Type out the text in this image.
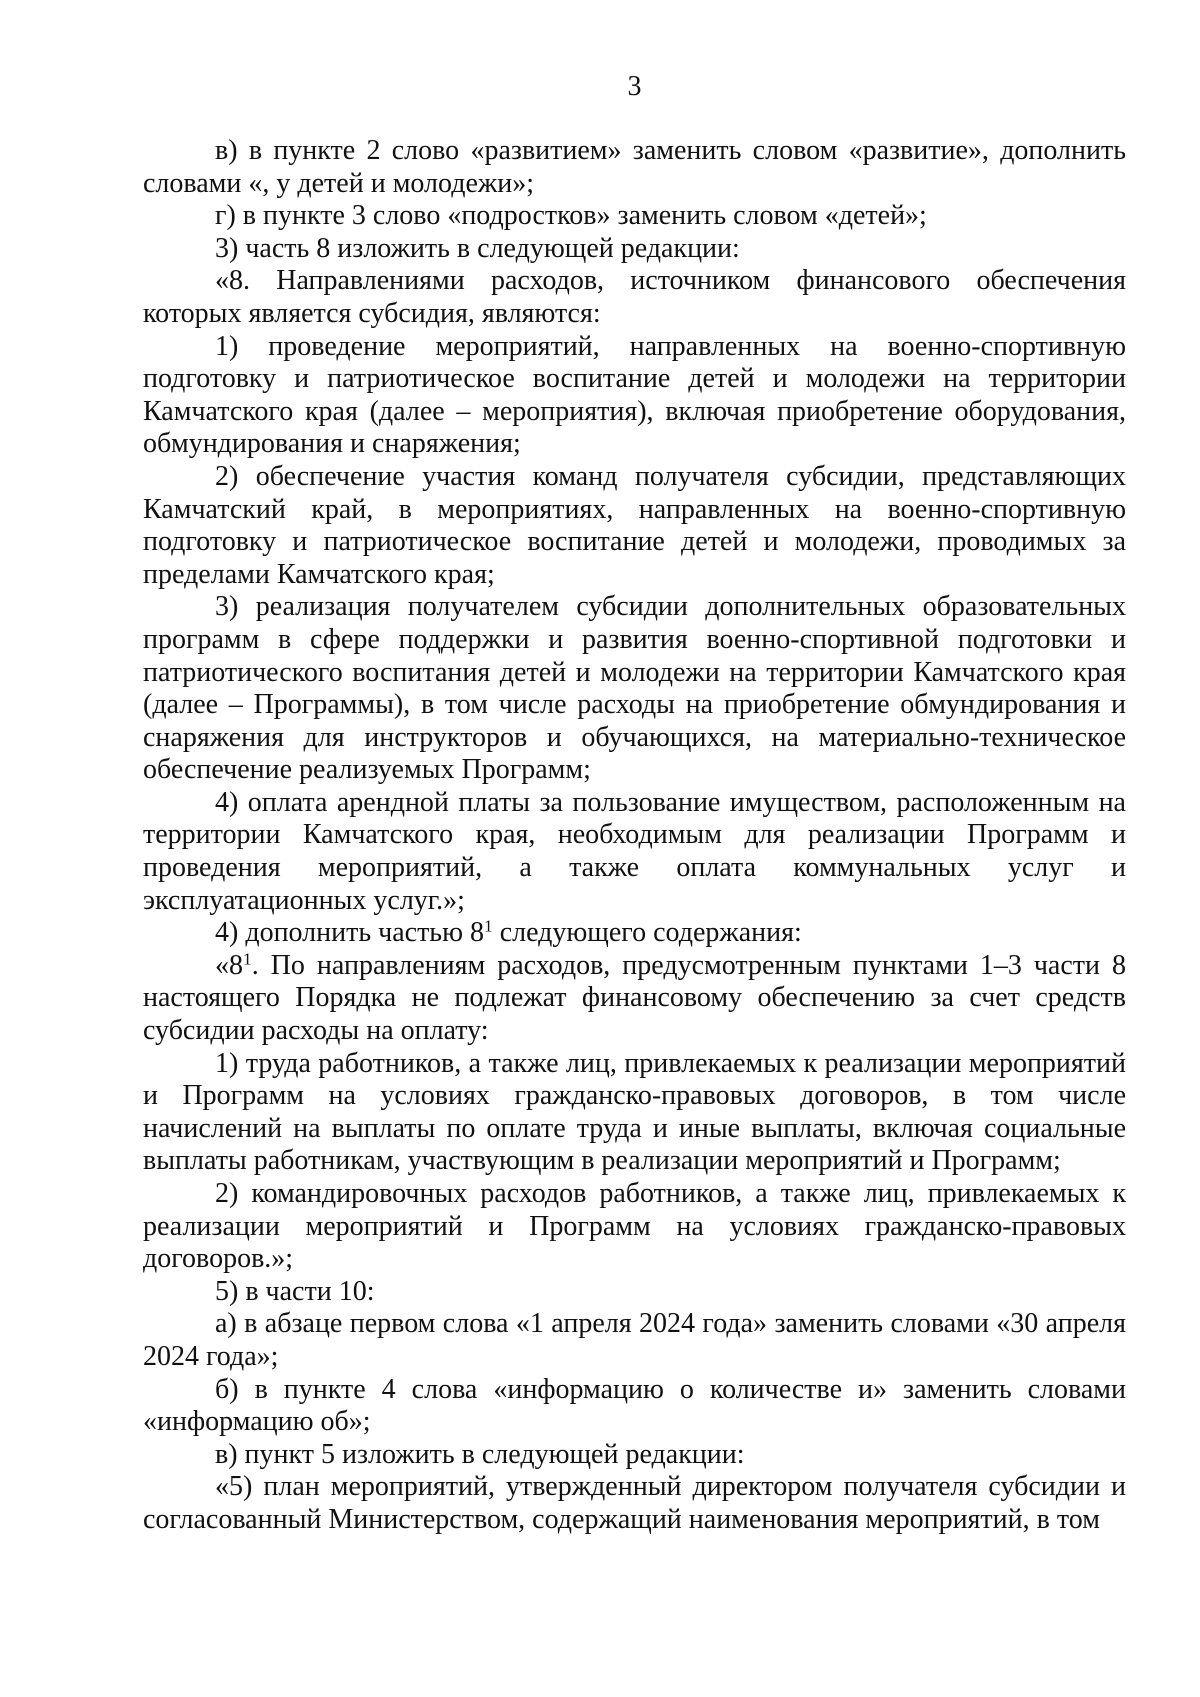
3

в) в пункте 2 слово «развитием» заменить словом «развитие», дополнить словами «, у детей и молодежи»;

г) в пункте 3 слово «подростков» заменить словом «детей»;

3) часть 8 изложить в следующей редакции:

«8. Направлениями расходов, источником финансового обеспечения которых является субсидия, являются:

1) проведение мероприятий, направленных на военно-спортивную подготовку и патриотическое воспитание детей и молодежи на территории Камчатского края (далее – мероприятия), включая приобретение оборудования, обмундирования и снаряжения;

2) обеспечение участия команд получателя субсидии, представляющих Камчатский край, в мероприятиях, направленных на военно-спортивную подготовку и патриотическое воспитание детей и молодежи, проводимых за пределами Камчатского края;

3) реализация получателем субсидии дополнительных образовательных программ в сфере поддержки и развития военно-спортивной подготовки и патриотического воспитания детей и молодежи на территории Камчатского края (далее – Программы), в том числе расходы на приобретение обмундирования и снаряжения для инструкторов и обучающихся, на материально-техническое обеспечение реализуемых Программ;

4) оплата арендной платы за пользование имуществом, расположенным на территории Камчатского края, необходимым для реализации Программ и проведения мероприятий, а также оплата коммунальных услуг и эксплуатационных услуг.»;

4) дополнить частью $8^1$ следующего содержания:

«$8^1$. По направлениям расходов, предусмотренным пунктами 1–3 части 8 настоящего Порядка не подлежат финансовому обеспечению за счет средств субсидии расходы на оплату:

1) труда работников, а также лиц, привлекаемых к реализации мероприятий и Программ на условиях гражданско-правовых договоров, в том числе начислений на выплаты по оплате труда и иные выплаты, включая социальные выплаты работникам, участвующим в реализации мероприятий и Программ;

2) командировочных расходов работников, а также лиц, привлекаемых к реализации мероприятий и Программ на условиях гражданско-правовых договоров.»;

5) в части 10:

а) в абзаце первом слова «1 апреля 2024 года» заменить словами «30 апреля 2024 года»;

б) в пункте 4 слова «информацию о количестве и» заменить словами «информацию об»;

в) пункт 5 изложить в следующей редакции:

«5) план мероприятий, утвержденный директором получателя субсидии и согласованный Министерством, содержащий наименования мероприятий, в том
